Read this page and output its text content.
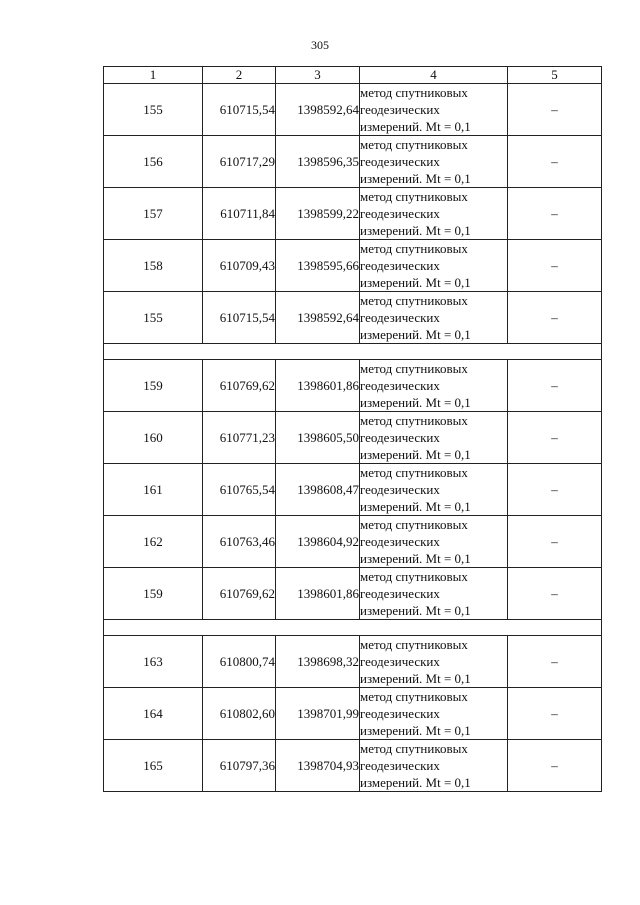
305
1	2	3	4	5
155	610715,54	1398592,64	метод спутниковых
геодезических
измерений. Mt = 0,1	–
156	610717,29	1398596,35	метод спутниковых
геодезических
измерений. Mt = 0,1	–
157	610711,84	1398599,22	метод спутниковых
геодезических
измерений. Mt = 0,1	–
158	610709,43	1398595,66	метод спутниковых
геодезических
измерений. Mt = 0,1	–
155	610715,54	1398592,64	метод спутниковых
геодезических
измерений. Mt = 0,1	–

159	610769,62	1398601,86	метод спутниковых
геодезических
измерений. Mt = 0,1	–
160	610771,23	1398605,50	метод спутниковых
геодезических
измерений. Mt = 0,1	–
161	610765,54	1398608,47	метод спутниковых
геодезических
измерений. Mt = 0,1	–
162	610763,46	1398604,92	метод спутниковых
геодезических
измерений. Mt = 0,1	–
159	610769,62	1398601,86	метод спутниковых
геодезических
измерений. Mt = 0,1	–

163	610800,74	1398698,32	метод спутниковых
геодезических
измерений. Mt = 0,1	–
164	610802,60	1398701,99	метод спутниковых
геодезических
измерений. Mt = 0,1	–
165	610797,36	1398704,93	метод спутниковых
геодезических
измерений. Mt = 0,1	–
